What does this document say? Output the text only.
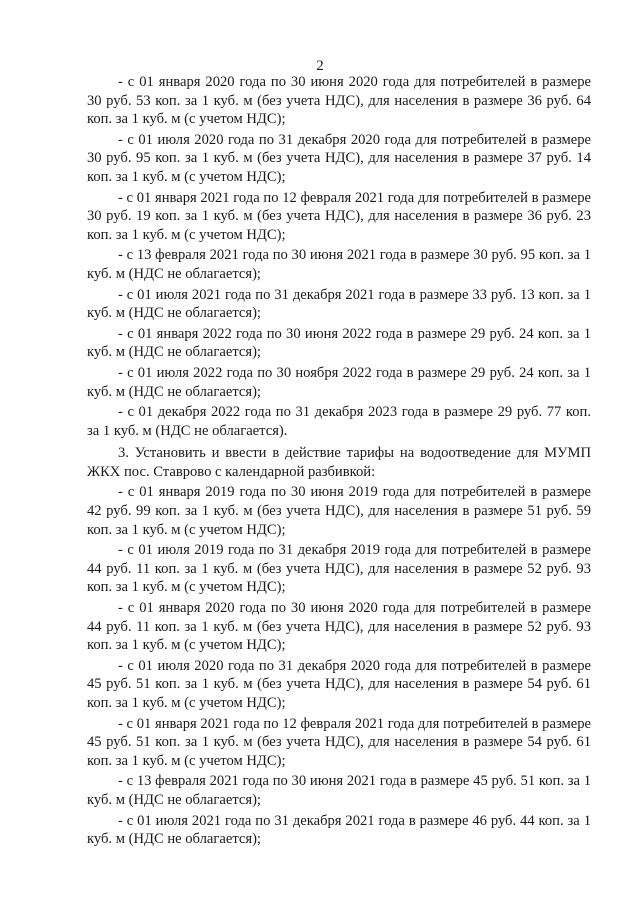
2

- с 01 января 2020 года по 30 июня 2020 года для потребителей в размере 30 руб. 53 коп. за 1 куб. м (без учета НДС), для населения в размере 36 руб. 64 коп. за 1 куб. м (с учетом НДС);

- с 01 июля 2020 года по 31 декабря 2020 года для потребителей в размере 30 руб. 95 коп. за 1 куб. м (без учета НДС), для населения в размере 37 руб. 14 коп. за 1 куб. м (с учетом НДС);

- с 01 января 2021 года по 12 февраля 2021 года для потребителей в размере 30 руб. 19 коп. за 1 куб. м (без учета НДС), для населения в размере 36 руб. 23 коп. за 1 куб. м (с учетом НДС);

- с 13 февраля 2021 года по 30 июня 2021 года в размере 30 руб. 95 коп. за 1 куб. м (НДС не облагается);

- с 01 июля 2021 года по 31 декабря 2021 года в размере 33 руб. 13 коп. за 1 куб. м (НДС не облагается);

- с 01 января 2022 года по 30 июня 2022 года в размере 29 руб. 24 коп. за 1 куб. м (НДС не облагается);

- с 01 июля 2022 года по 30 ноября 2022 года в размере 29 руб. 24 коп. за 1 куб. м (НДС не облагается);

- с 01 декабря 2022 года по 31 декабря 2023 года в размере 29 руб. 77 коп. за 1 куб. м (НДС не облагается).

3. Установить и ввести в действие тарифы на водоотведение для МУМП ЖКХ пос. Ставрово с календарной разбивкой:

- с 01 января 2019 года по 30 июня 2019 года для потребителей в размере 42 руб. 99 коп. за 1 куб. м (без учета НДС), для населения в размере 51 руб. 59 коп. за 1 куб. м (с учетом НДС);

- с 01 июля 2019 года по 31 декабря 2019 года для потребителей в размере 44 руб. 11 коп. за 1 куб. м (без учета НДС), для населения в размере 52 руб. 93 коп. за 1 куб. м (с учетом НДС);

- с 01 января 2020 года по 30 июня 2020 года для потребителей в размере 44 руб. 11 коп. за 1 куб. м (без учета НДС), для населения в размере 52 руб. 93 коп. за 1 куб. м (с учетом НДС);

- с 01 июля 2020 года по 31 декабря 2020 года для потребителей в размере 45 руб. 51 коп. за 1 куб. м (без учета НДС), для населения в размере 54 руб. 61 коп. за 1 куб. м (с учетом НДС);

- с 01 января 2021 года по 12 февраля 2021 года для потребителей в размере 45 руб. 51 коп. за 1 куб. м (без учета НДС), для населения в размере 54 руб. 61 коп. за 1 куб. м (с учетом НДС);

- с 13 февраля 2021 года по 30 июня 2021 года в размере 45 руб. 51 коп. за 1 куб. м (НДС не облагается);

- с 01 июля 2021 года по 31 декабря 2021 года в размере 46 руб. 44 коп. за 1 куб. м (НДС не облагается);
